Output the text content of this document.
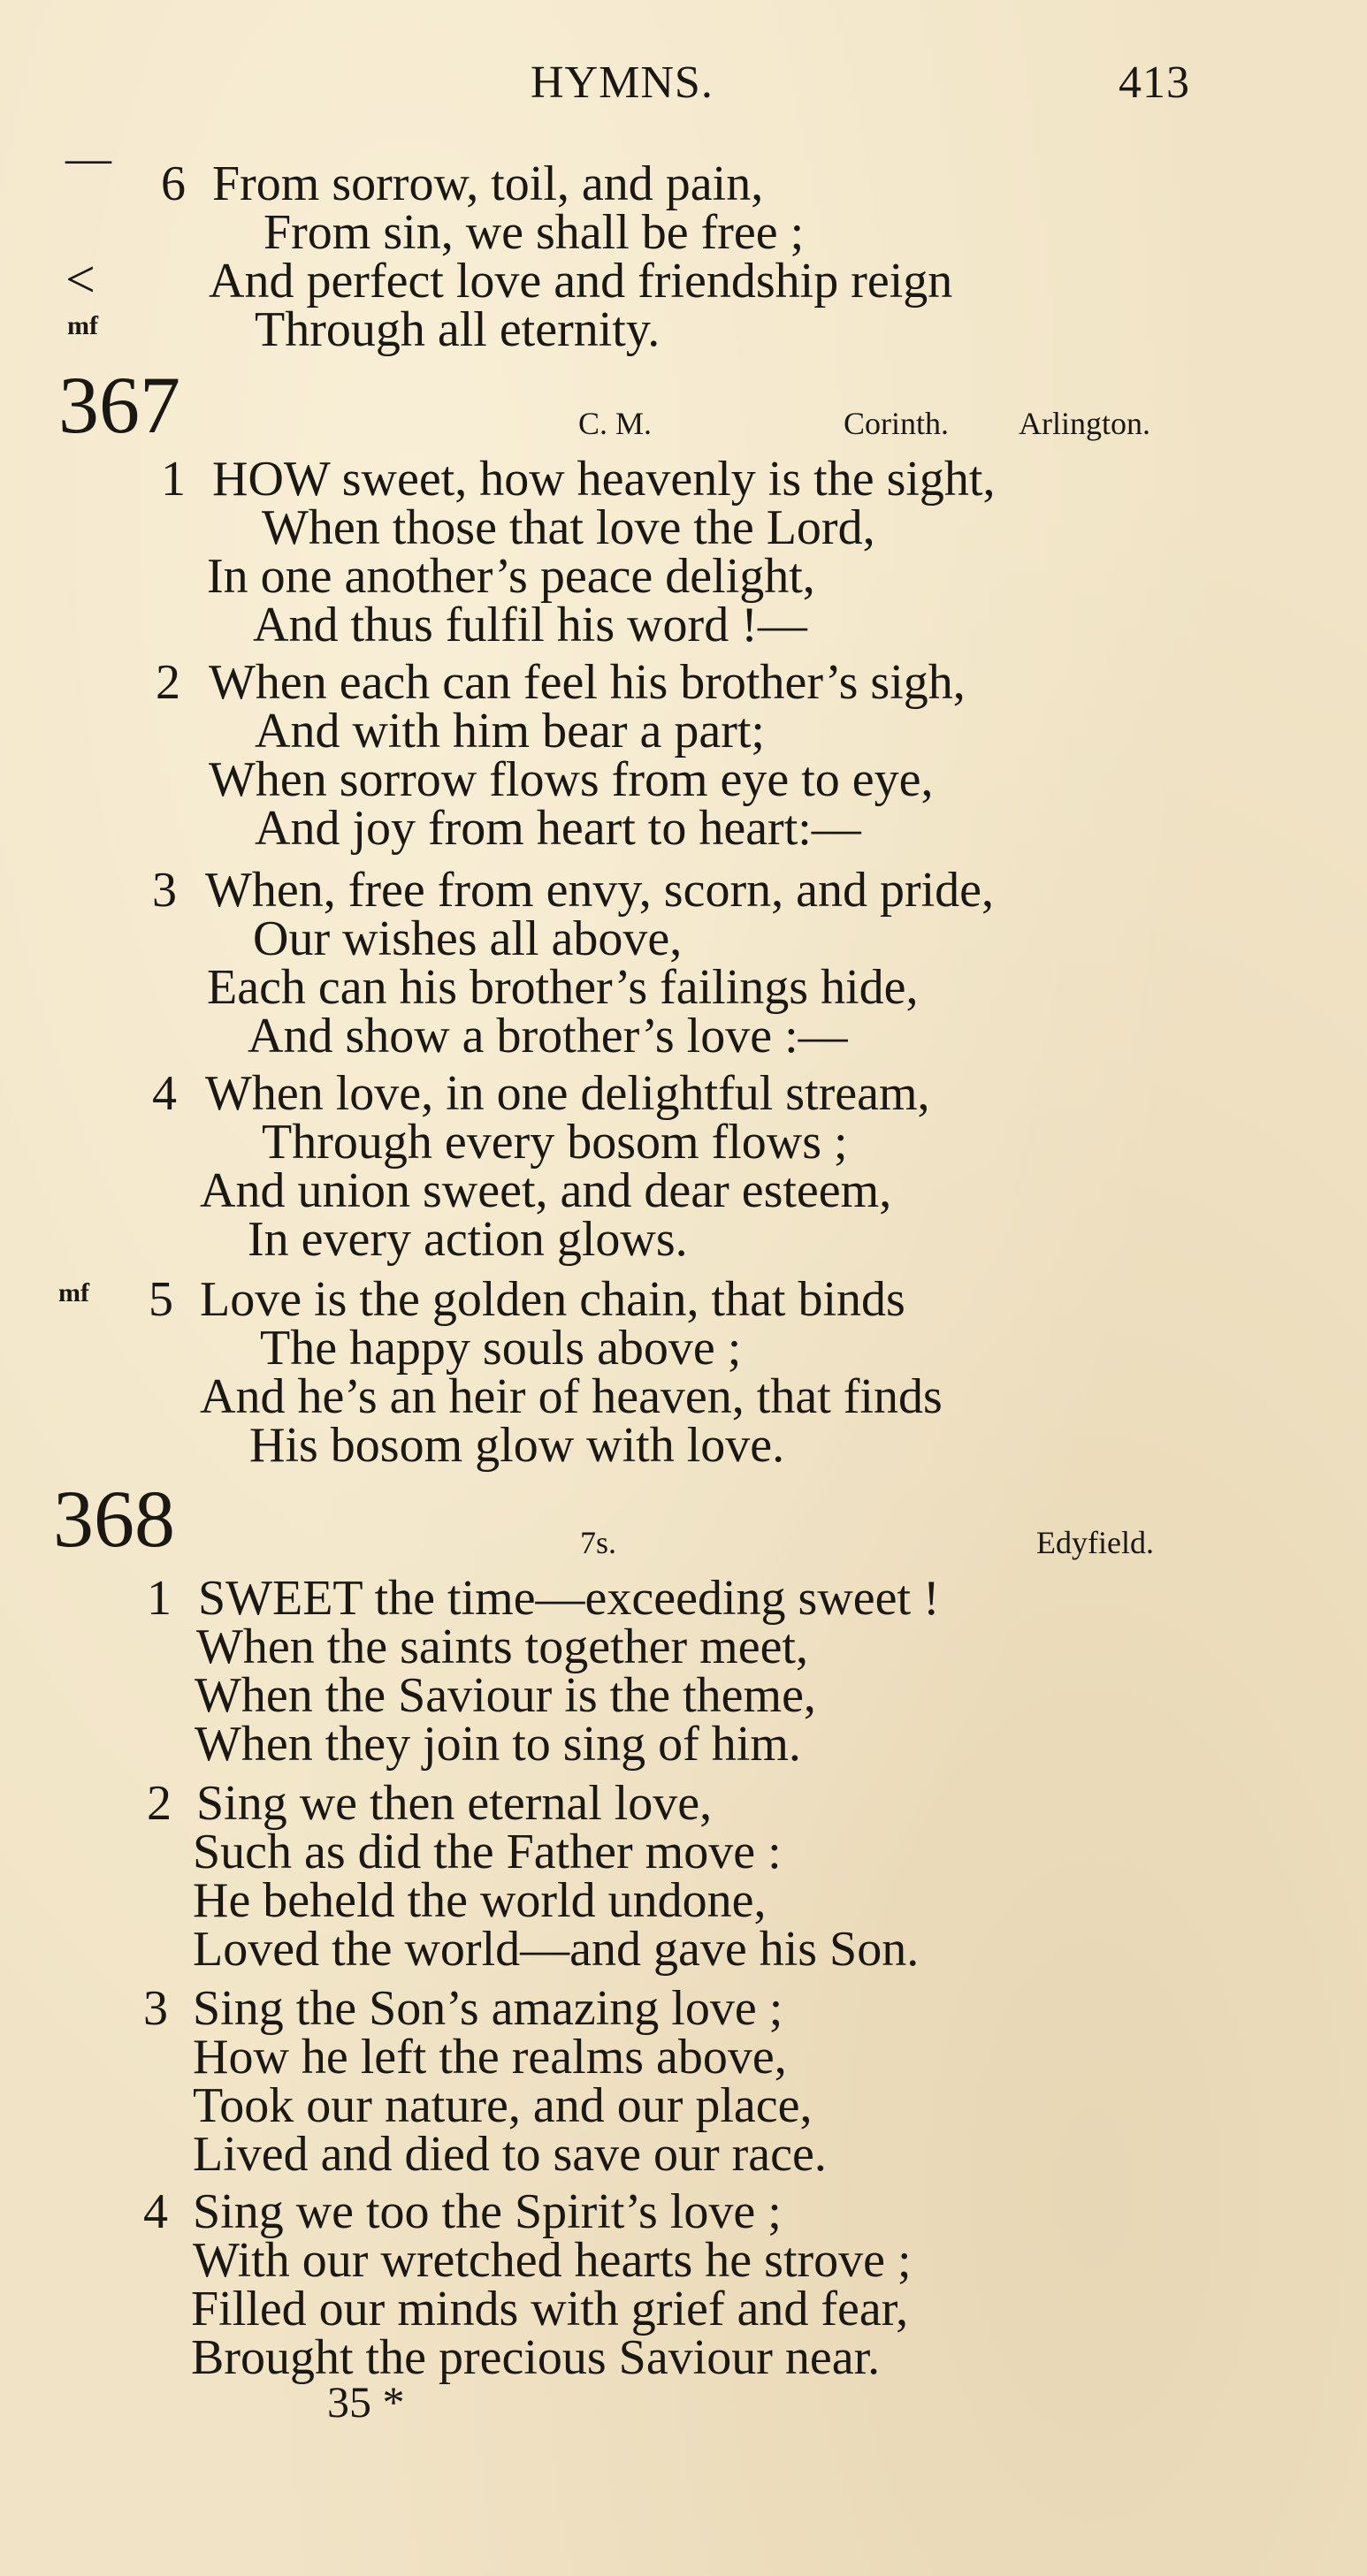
HYMNS.	413
— 6 From sorrow, toil, and pain,
From sin, we shall be free ;
< And perfect love and friendship reign
mf	Through all eternity.
367	C. M.	Corinth. Arlington.
1 HOW sweet, how heavenly is the sight,
When those that love the Lord,
In one another’s peace delight,
And thus fulfil his word !—
2 When each can feel his brother’s sigh,
And with him bear a part;
When sorrow flows from eye to eye,
And joy from heart to heart:—
3 When, free from envy, scorn, and pride,
Our wishes all above,
Each can his brother’s failings hide,
And show a brother’s love :—
4 When love, in one delightful stream,
Through every bosom flows ;
And union sweet, and dear esteem,
In every action glows.
mf 5 Love is the golden chain, that binds
The happy souls above ;
And he’s an heir of heaven, that finds
His bosom glow with love.
368	7s.	Edyfield.
1 SWEET the time—exceeding sweet !
When the saints together meet,
When the Saviour is the theme,
When they join to sing of him.
2 Sing we then eternal love,
Such as did the Father move :
He beheld the world undone,
Loved the world—and gave his Son.
3 Sing the Son’s amazing love ;
How he left the realms above,
Took our nature, and our place,
Lived and died to save our race.
4 Sing we too the Spirit’s love ;
With our wretched hearts he strove ;
Filled our minds with grief and fear,
Brought the precious Saviour near.
35 *
